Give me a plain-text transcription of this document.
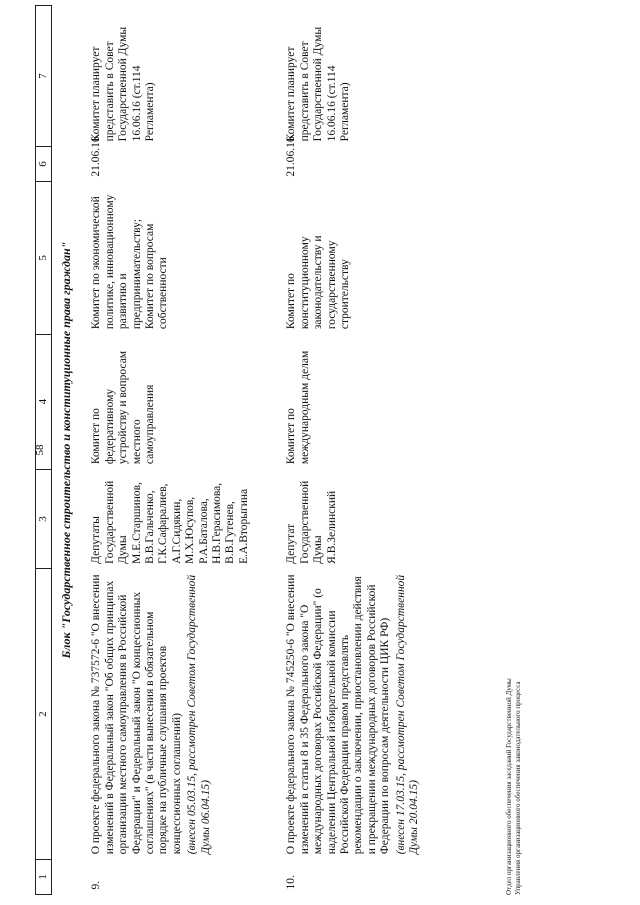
58
1	2	3	4	5	6	7
Блок "Государственное строительство и конституционные права граждан"						
9.	О проекте федерального закона № 737572-6 "О внесении изменений в Федеральный закон "Об общих принципах организации местного самоуправления в Российской Федерации" и Федеральный закон "О концессионных соглашениях" (в части вынесения в обязательном порядке на публичные слушания проектов концессионных соглашений) (внесен 05.03.15, рассмотрен Советом Государственной Думы 06.04.15)	Депутаты Государственной Думы М.Е.Старшинов, В.В.Гальченко, Г.К.Сафаралиев, А.Г.Сидякин, М.Х.Юсупов, Р.А.Баталова, Н.В.Герасимова, В.В.Гутенев, Е.А.Вторыгина	Комитет по федеративному устройству и вопросам местного самоуправления	Комитет по экономической политике, инновационному развитию и предпринимательству; Комитет по вопросам собственности	21.06.16	Комитет планирует представить в Совет Государственной Думы 16.06.16 (ст.114 Регламента)

10.	О проекте федерального закона № 745250-6 "О внесении изменений в статьи 8 и 35 Федерального закона "О международных договорах Российской Федерации" (о наделении Центральной избирательной комиссии Российской Федерации правом представлять рекомендации о заключении, приостановлении действия и прекращении международных договоров Российской Федерации по вопросам деятельности ЦИК РФ) (внесен 17.03.15, рассмотрен Советом Государственной Думы 20.04.15)	Депутат Государственной Думы Я.В.Зелинский	Комитет по международным делам	Комитет по конституционному законодательству и государственному строительству	21.06.16	Комитет планирует представить в Совет Государственной Думы 16.06.16 (ст.114 Регламента)
Отдел организационного обеспечения заседаний Государственной Думы Управления организационного обеспечения законодательного процесса
